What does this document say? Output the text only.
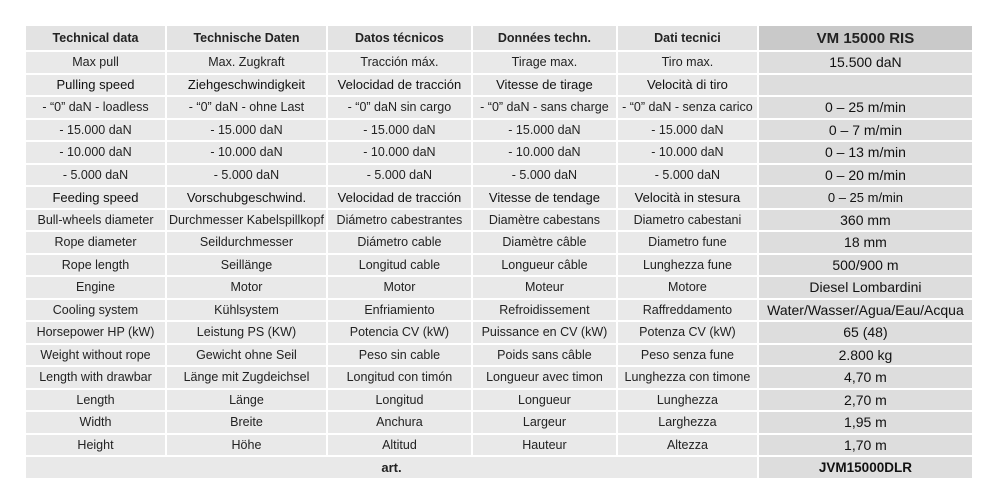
Technical data	Technische Daten	Datos técnicos	Données techn.	Dati tecnici	VM 15000 RIS
Max pull	Max. Zugkraft	Tracción máx.	Tirage max.	Tiro max.	15.500 daN
Pulling speed	Ziehgeschwindigkeit	Velocidad de tracción	Vitesse de tirage	Velocità di tiro	
- “0” daN - loadless	- “0” daN - ohne Last	- “0” daN sin cargo	- “0” daN - sans charge	- “0” daN - senza carico	0 – 25 m/min
- 15.000 daN	- 15.000 daN	- 15.000 daN	- 15.000 daN	- 15.000 daN	0 – 7 m/min
- 10.000 daN	- 10.000 daN	- 10.000 daN	- 10.000 daN	- 10.000 daN	0 – 13 m/min
- 5.000 daN	- 5.000 daN	- 5.000 daN	- 5.000 daN	- 5.000 daN	0 – 20 m/min
Feeding speed	Vorschubgeschwind.	Velocidad de tracción	Vitesse de tendage	Velocità in stesura	0 – 25 m/min
Bull-wheels diameter	Durchmesser Kabelspillkopf	Diámetro cabestrantes	Diamètre cabestans	Diametro cabestani	360 mm
Rope diameter	Seildurchmesser	Diámetro cable	Diamètre câble	Diametro fune	18 mm
Rope length	Seillänge	Longitud cable	Longueur câble	Lunghezza fune	500/900 m
Engine	Motor	Motor	Moteur	Motore	Diesel Lombardini
Cooling system	Kühlsystem	Enfriamiento	Refroidissement	Raffreddamento	Water/Wasser/Agua/Eau/Acqua
Horsepower HP (kW)	Leistung PS (KW)	Potencia CV (kW)	Puissance en CV (kW)	Potenza CV (kW)	65 (48)
Weight without rope	Gewicht ohne Seil	Peso sin cable	Poids sans câble	Peso senza fune	2.800 kg
Length with drawbar	Länge mit Zugdeichsel	Longitud con timón	Longueur avec timon	Lunghezza con timone	4,70 m
Length	Länge	Longitud	Longueur	Lunghezza	2,70 m
Width	Breite	Anchura	Largeur	Larghezza	1,95 m
Height	Höhe	Altitud	Hauteur	Altezza	1,70 m
art.					JVM15000DLR
